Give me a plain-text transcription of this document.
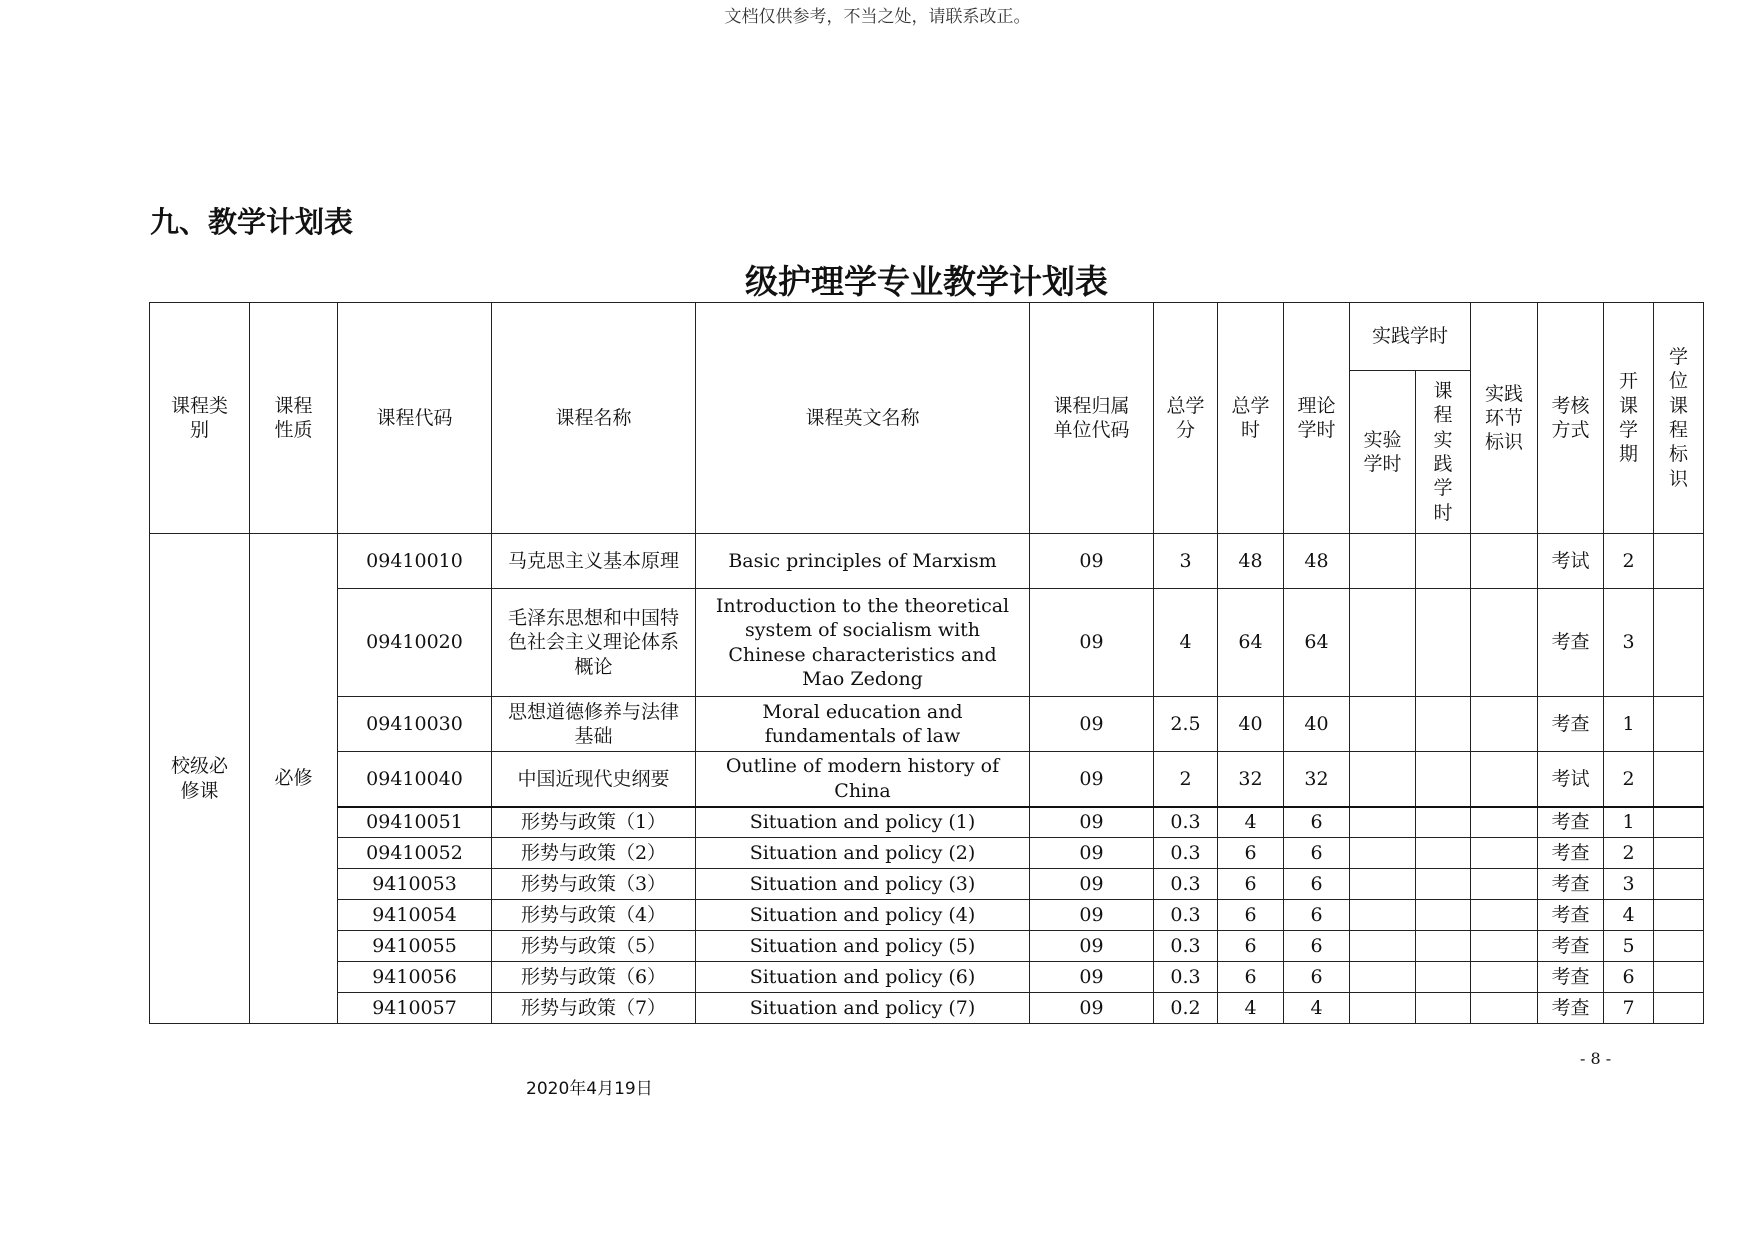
文档仅供参考，不当之处，请联系改正。
九、教学计划表
级护理学专业教学计划表
课程类别	课程性质	课程代码	课程名称	课程英文名称	课程归属单位代码	总学分	总学时	理论学时	实践学时		实践环节标识	考核方式	开课学期	学位课程标识
									实验学时	课程实践学时				
校级必修课	必修	09410010	马克思主义基本原理	Basic principles of Marxism	09	3	48	48				考试	2	
		09410020	毛泽东思想和中国特色社会主义理论体系概论	Introduction to the theoretical system of socialism with Chinese characteristics and Mao Zedong	09	4	64	64				考查	3	
		09410030	思想道德修养与法律基础	Moral education and fundamentals of law	09	2.5	40	40				考查	1	
		09410040	中国近现代史纲要	Outline of modern history of China	09	2	32	32				考试	2	
		09410051	形势与政策（1）	Situation and policy (1)	09	0.3	4	6				考查	1	
		09410052	形势与政策（2）	Situation and policy (2)	09	0.3	6	6				考查	2	
		9410053	形势与政策（3）	Situation and policy (3)	09	0.3	6	6				考查	3	
		9410054	形势与政策（4）	Situation and policy (4)	09	0.3	6	6				考查	4	
		9410055	形势与政策（5）	Situation and policy (5)	09	0.3	6	6				考查	5	
		9410056	形势与政策（6）	Situation and policy (6)	09	0.3	6	6				考查	6	
		9410057	形势与政策（7）	Situation and policy (7)	09	0.2	4	4				考查	7	
- 8 -
2020年4月19日
